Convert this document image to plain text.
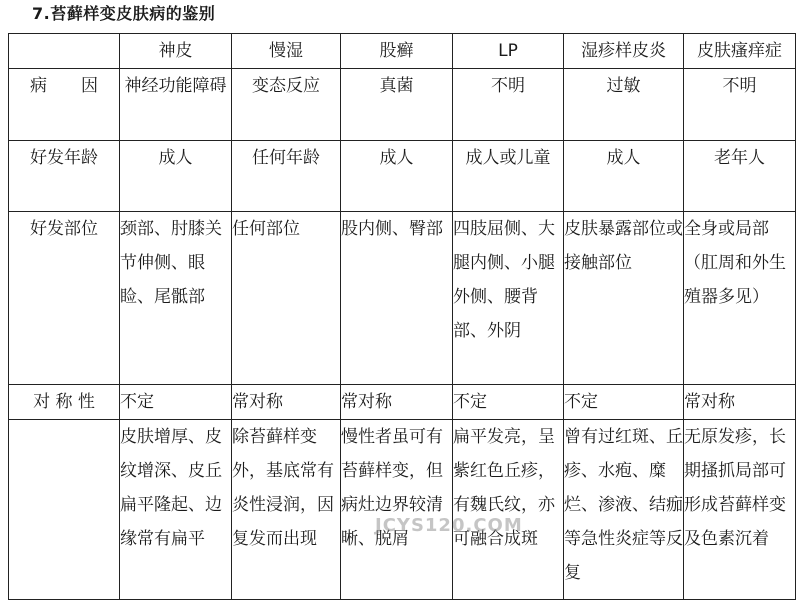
7.苔藓样变皮肤病的鉴别
	神皮	慢湿	股癣	LP	湿疹样皮炎	皮肤瘙痒症
病　　因	神经功能障碍	变态反应	真菌	不明	过敏	不明
好发年龄	成人	任何年龄	成人	成人或儿童	成人	老年人
好发部位	颈部、肘膝关节伸侧、眼睑、尾骶部	任何部位	股内侧、臀部	四肢屈侧、大腿内侧、小腿外侧、腰背部、外阴	皮肤暴露部位或接触部位	全身或局部（肛周和外生殖器多见）
对 称 性	不定	常对称	常对称	不定	不定	常对称
	皮肤增厚、皮纹增深、皮丘扁平隆起、边缘常有扁平	除苔藓样变外，基底常有炎性浸润，因复发而出现	慢性者虽可有苔藓样变，但病灶边界较清晰、脱屑	扁平发亮，呈紫红色丘疹，有魏氏纹，亦可融合成斑	曾有过红斑、丘疹、水疱、糜烂、渗液、结痂等急性炎症等反复	无原发疹，长期搔抓局部可形成苔藓样变及色素沉着
JCYS120.COM
